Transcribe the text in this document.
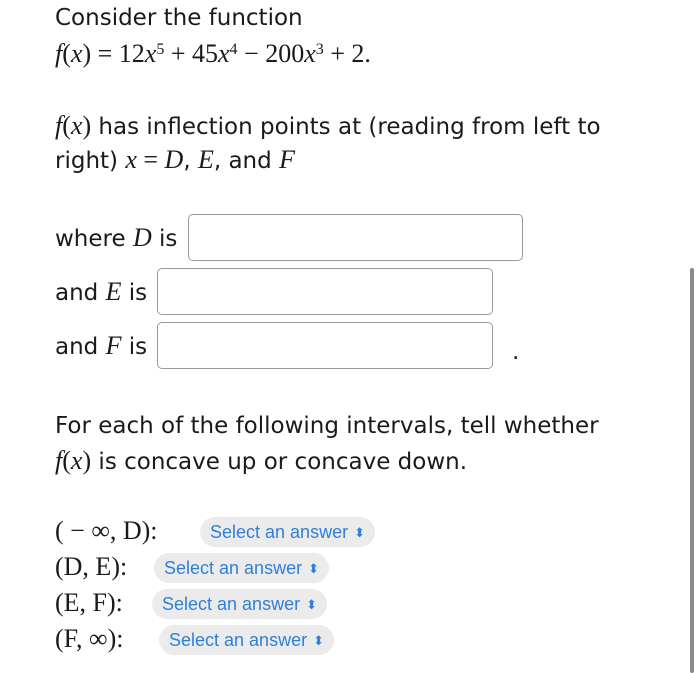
Consider the function
$f(x) = 12x^5 + 45x^4 - 200x^3 + 2$.
f(x) has inflection points at (reading from left to
right) x = D, E, and F
where D is
and E is
and F is	.
For each of the following intervals, tell whether
f(x) is concave up or concave down.
( − ∞, D):	Select an answer ⬍
(D, E):	Select an answer ⬍
(E, F):	Select an answer ⬍
(F, ∞):	Select an answer ⬍
